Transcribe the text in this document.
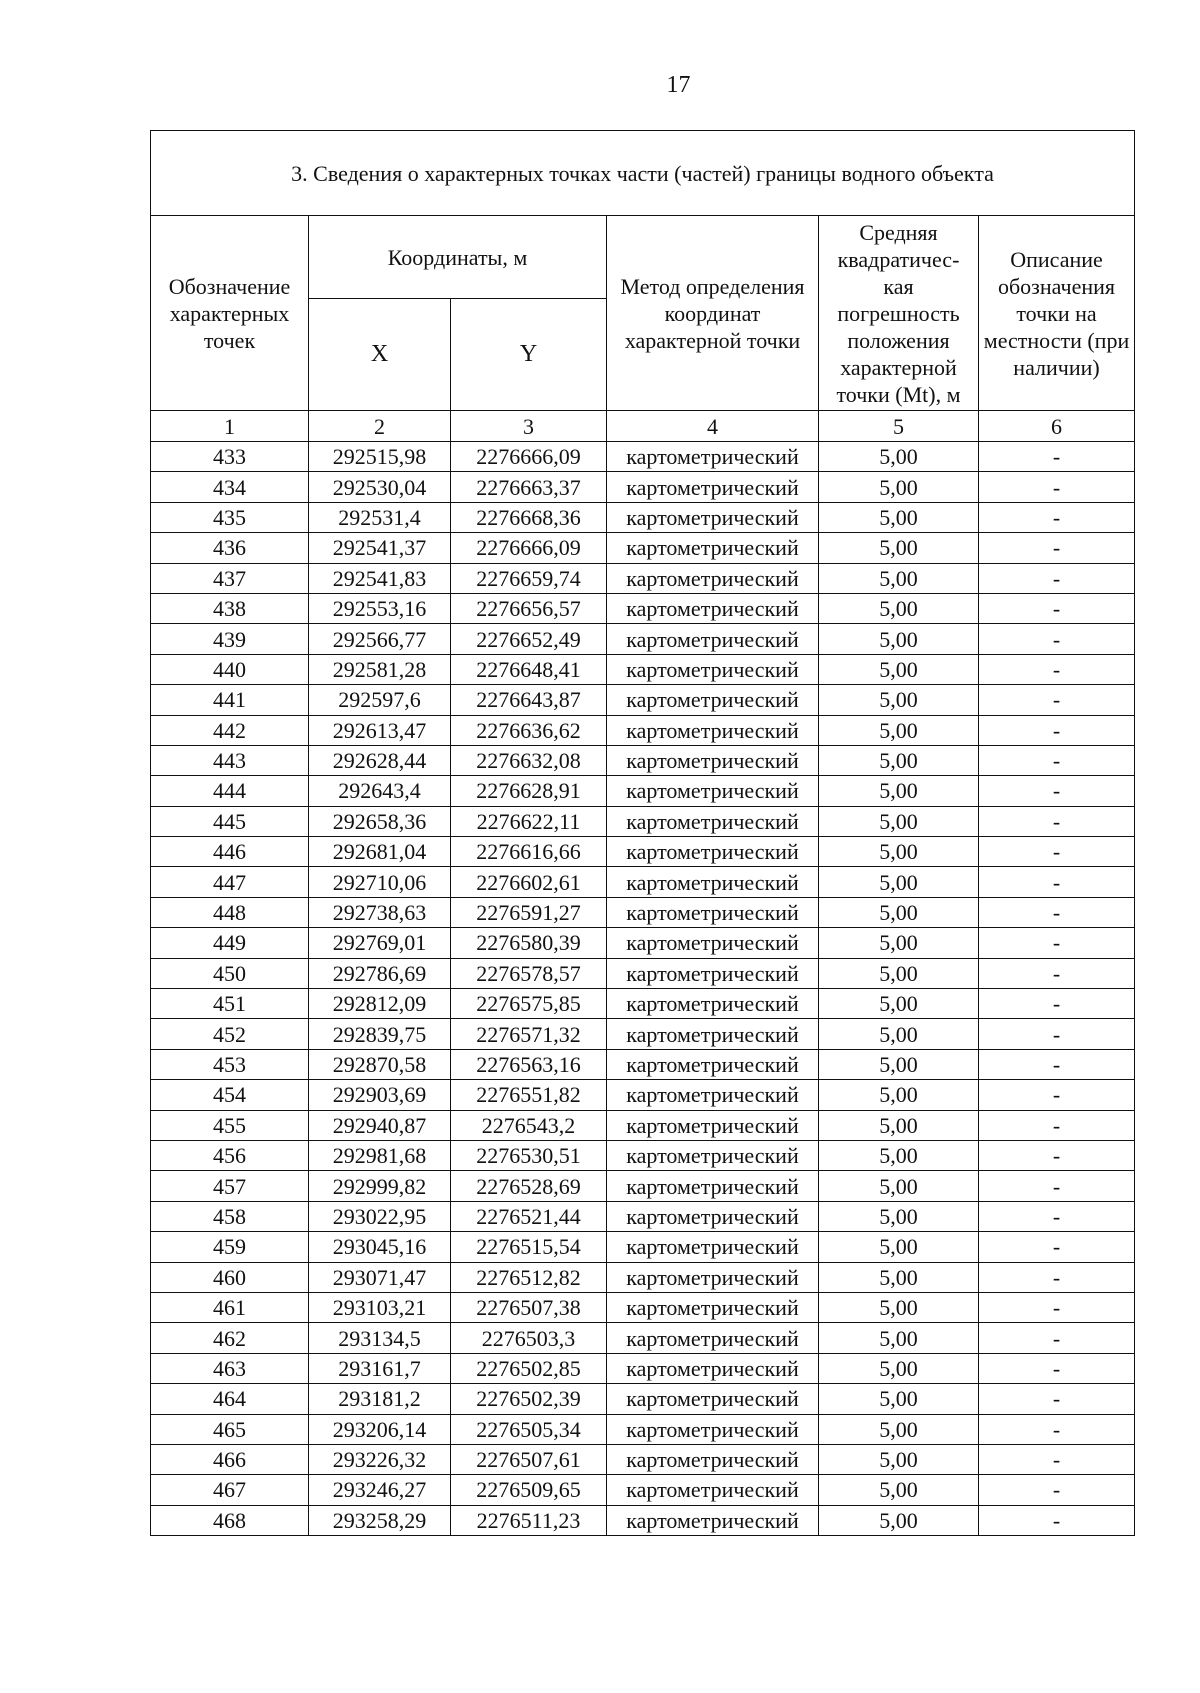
17
3. Сведения о характерных точках части (частей) границы водного объекта					

Обозначение характерных точек	Координаты, м		Метод определения координат характерной точки	Средняя квадратичес-кая погрешность положения характерной точки (Mt), м	Описание обозначения точки на местности (при наличии)

	X	Y			
1	2	3	4	5	6
433	292515,98	2276666,09	картометрический	5,00	-
434	292530,04	2276663,37	картометрический	5,00	-
435	292531,4	2276668,36	картометрический	5,00	-
436	292541,37	2276666,09	картометрический	5,00	-
437	292541,83	2276659,74	картометрический	5,00	-
438	292553,16	2276656,57	картометрический	5,00	-
439	292566,77	2276652,49	картометрический	5,00	-
440	292581,28	2276648,41	картометрический	5,00	-
441	292597,6	2276643,87	картометрический	5,00	-
442	292613,47	2276636,62	картометрический	5,00	-
443	292628,44	2276632,08	картометрический	5,00	-
444	292643,4	2276628,91	картометрический	5,00	-
445	292658,36	2276622,11	картометрический	5,00	-
446	292681,04	2276616,66	картометрический	5,00	-
447	292710,06	2276602,61	картометрический	5,00	-
448	292738,63	2276591,27	картометрический	5,00	-
449	292769,01	2276580,39	картометрический	5,00	-
450	292786,69	2276578,57	картометрический	5,00	-
451	292812,09	2276575,85	картометрический	5,00	-
452	292839,75	2276571,32	картометрический	5,00	-
453	292870,58	2276563,16	картометрический	5,00	-
454	292903,69	2276551,82	картометрический	5,00	-
455	292940,87	2276543,2	картометрический	5,00	-
456	292981,68	2276530,51	картометрический	5,00	-
457	292999,82	2276528,69	картометрический	5,00	-
458	293022,95	2276521,44	картометрический	5,00	-
459	293045,16	2276515,54	картометрический	5,00	-
460	293071,47	2276512,82	картометрический	5,00	-
461	293103,21	2276507,38	картометрический	5,00	-
462	293134,5	2276503,3	картометрический	5,00	-
463	293161,7	2276502,85	картометрический	5,00	-
464	293181,2	2276502,39	картометрический	5,00	-
465	293206,14	2276505,34	картометрический	5,00	-
466	293226,32	2276507,61	картометрический	5,00	-
467	293246,27	2276509,65	картометрический	5,00	-
468	293258,29	2276511,23	картометрический	5,00	-
